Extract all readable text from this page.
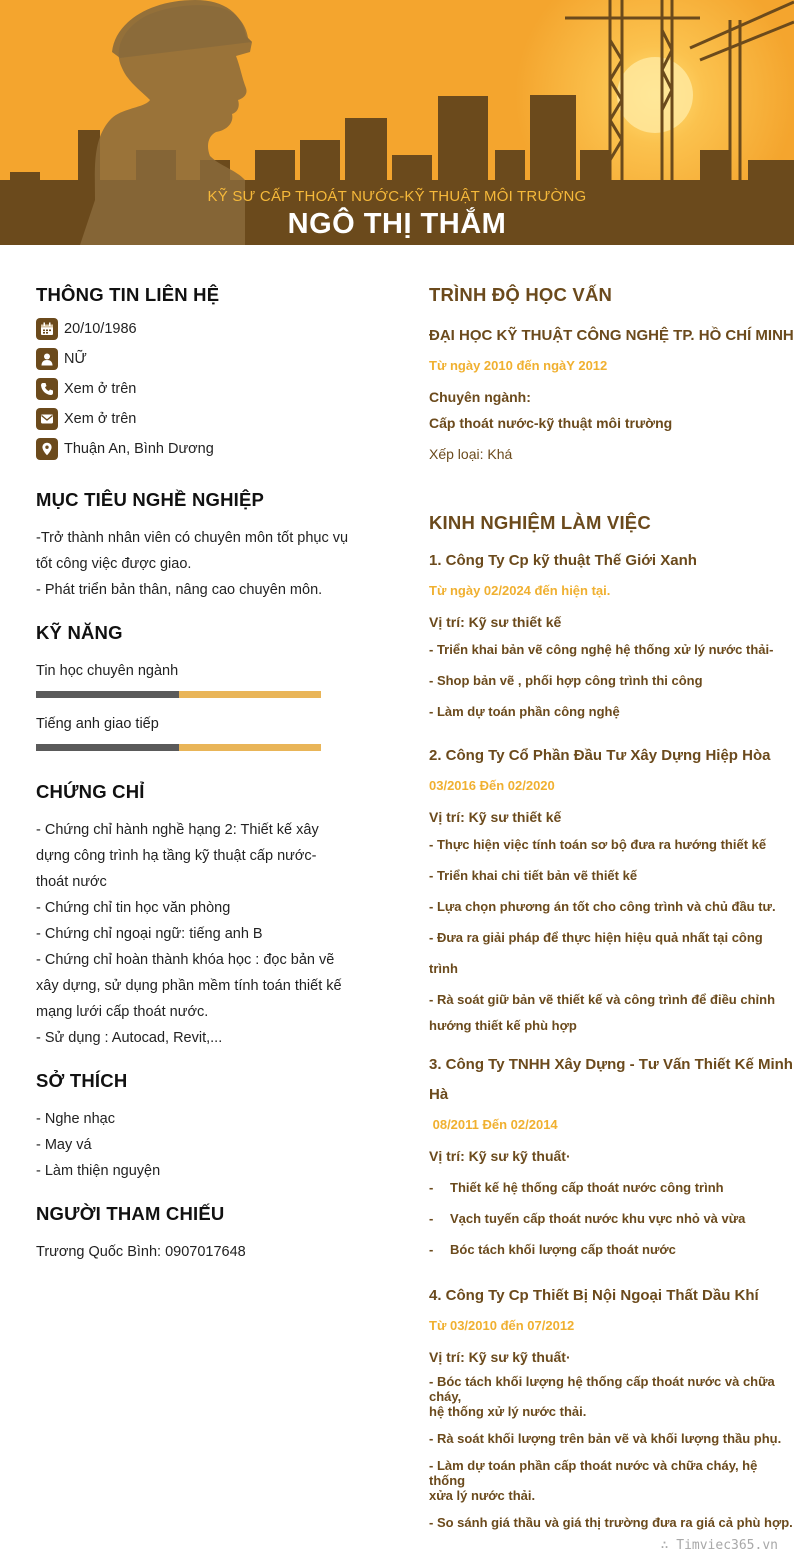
KỸ SƯ CẤP THOÁT NƯỚC-KỸ THUẬT MÔI TRƯỜNG
NGÔ THỊ THẮM
THÔNG TIN LIÊN HỆ
20/10/1986
NỮ
Xem ở trên
Xem ở trên
Thuận An, Bình Dương
MỤC TIÊU NGHỀ NGHIỆP
-Trở thành nhân viên có chuyên môn tốt phục vụ
tốt công việc được giao.
- Phát triển bản thân, nâng cao chuyên môn.
KỸ NĂNG
Tin học chuyên ngành
Tiếng anh giao tiếp
CHỨNG CHỈ
- Chứng chỉ hành nghề hạng 2: Thiết kế xây
dựng công trình hạ tầng kỹ thuật cấp nước-
thoát nước
- Chứng chỉ tin học văn phòng
- Chứng chỉ ngoại ngữ: tiếng anh B
- Chứng chỉ hoàn thành khóa học : đọc bản vẽ
xây dựng, sử dụng phần mềm tính toán thiết kế
mạng lưới cấp thoát nước.
- Sử dụng : Autocad, Revit,...
SỞ THÍCH
- Nghe nhạc
- May vá
- Làm thiện nguyện
NGƯỜI THAM CHIẾU
Trương Quốc Bình: 0907017648
TRÌNH ĐỘ HỌC VẤN
ĐẠI HỌC KỸ THUẬT CÔNG NGHỆ TP. HỒ CHÍ MINH
Từ ngày 2010 đến ngàY 2012
Chuyên ngành:
Cấp thoát nước-kỹ thuật môi trường
Xếp loại: Khá
KINH NGHIỆM LÀM VIỆC
1. Công Ty Cp kỹ thuật Thế Giới Xanh
Từ ngày 02/2024 đến hiện tại.
Vị trí: Kỹ sư thiết kế
- Triển khai bản vẽ công nghệ hệ thống xử lý nước thải-
- Shop bản vẽ , phối hợp công trình thi công
- Làm dự toán phần công nghệ
2. Công Ty Cổ Phần Đầu Tư Xây Dựng Hiệp Hòa
03/2016 Đến 02/2020
Vị trí: Kỹ sư thiết kế
- Thực hiện việc tính toán sơ bộ đưa ra hướng thiết kế
- Triển khai chi tiết bản vẽ thiết kế
- Lựa chọn phương án tốt cho công trình và chủ đầu tư.
- Đưa ra giải pháp để thực hiện hiệu quả nhất tại công trình
- Rà soát giữ bản vẽ thiết kế và công trình để điều chỉnh
hướng thiết kế phù hợp
3. Công Ty TNHH Xây Dựng - Tư Vấn Thiết Kế Minh
Hà
08/2011 Đến 02/2014
Vị trí: Kỹ sư kỹ thuất·
-	Thiết kế hệ thống cấp thoát nước công trình
-	Vạch tuyến cấp thoát nước khu vực nhỏ và vừa
-	Bóc tách khối lượng cấp thoát nước
4. Công Ty Cp Thiết Bị Nội Ngoại Thất Dầu Khí
Từ 03/2010 đến 07/2012
Vị trí: Kỹ sư kỹ thuất·
- Bóc tách khối lượng hệ thống cấp thoát nước và chữa cháy,
hệ thống xử lý nước thải.
- Rà soát khối lượng trên bản vẽ và khối lượng thầu phụ.
- Làm dự toán phần cấp thoát nước và chữa cháy, hệ thống
xửa lý nước thải.
- So sánh giá thầu và giá thị trường đưa ra giá cả phù hợp.
∴ Timviec365.vn
